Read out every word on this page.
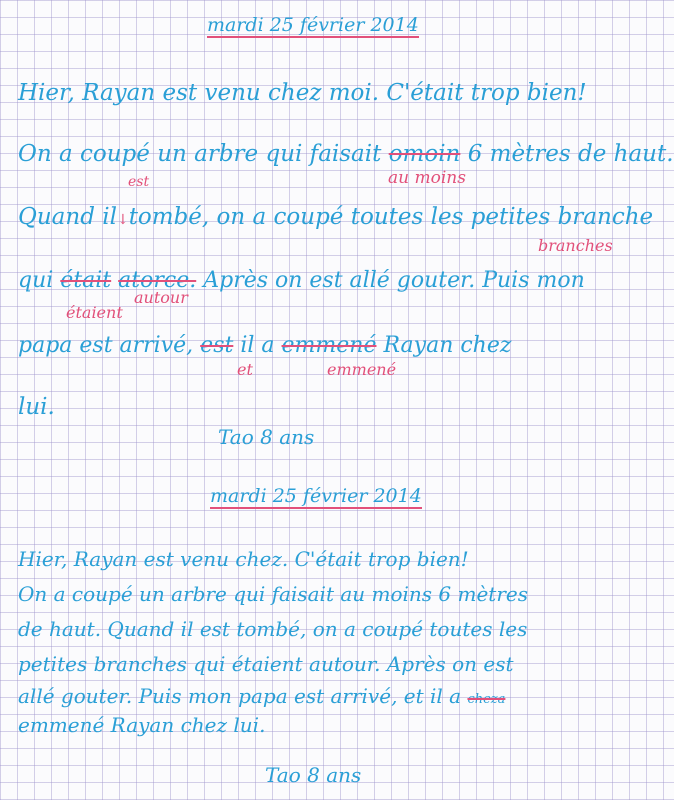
mardi 25 février 2014
Hier, Rayan est venu chez moi. C'était trop bien!
On a coupé un arbre qui faisait omoin 6 mètres de haut.
au moins
est
Quand il↓tombé, on a coupé toutes les petites branche
branches
qui était atorce. Après on est allé gouter. Puis mon
autour
étaient
papa est arrivé, est il a emmené Rayan chez
et	emmené
lui.
Tao 8 ans
mardi 25 février 2014
Hier, Rayan est venu chez. C'était trop bien!
On a coupé un arbre qui faisait au moins 6 mètres
de haut. Quand il est tombé, on a coupé toutes les
petites branches qui étaient autour. Après on est
allé gouter. Puis mon papa est arrivé, et il a cheza
emmené Rayan chez lui.
Tao 8 ans
